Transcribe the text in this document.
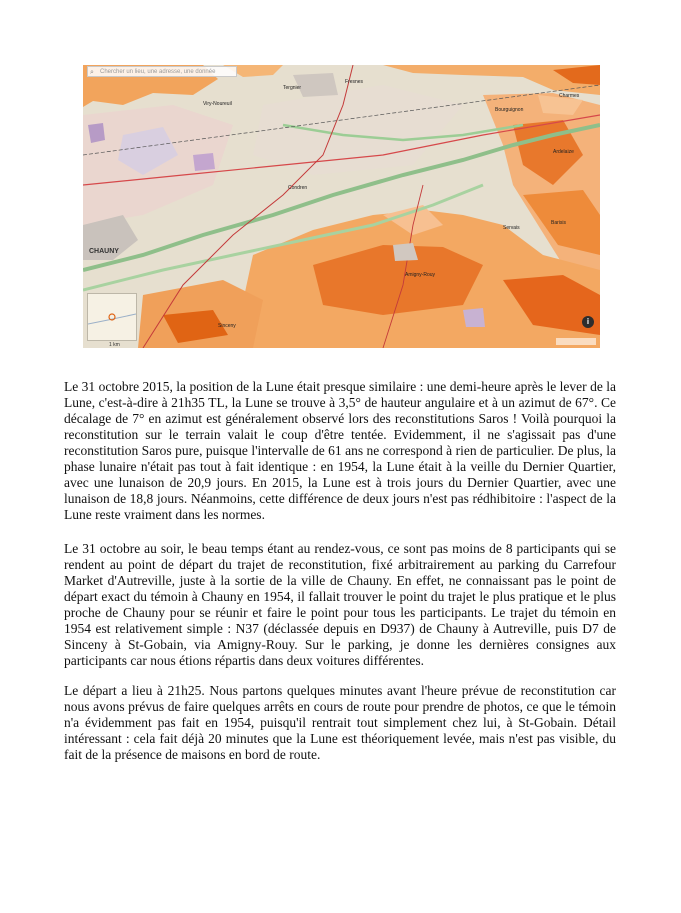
⌕ Chercher un lieu, une adresse, une donnée
CHAUNY
Viry-Noureuil
Condren
Amigny-Rouy
Sinceny
Servais
Barisis
Bourguignon
Ardelaize
Charmes
Fresnes
Tergnier
1 km
i

Le 31 octobre 2015, la position de la Lune était presque similaire : une demi-heure après le lever de la Lune, c'est-à-dire à 21h35 TL, la Lune se trouve à 3,5° de hauteur angulaire et à un azimut de 67°. Ce décalage de 7° en azimut est généralement observé lors des reconstitutions Saros ! Voilà pourquoi la reconstitution sur le terrain valait le coup d'être tentée. Evidemment, il ne s'agissait pas d'une reconstitution Saros pure, puisque l'intervalle de 61 ans ne correspond à rien de particulier. De plus, la phase lunaire n'était pas tout à fait identique : en 1954, la Lune était à la veille du Dernier Quartier, avec une lunaison de 20,9 jours. En 2015, la Lune est à trois jours du Dernier Quartier, avec une lunaison de 18,8 jours. Néanmoins, cette différence de deux jours n'est pas rédhibitoire : l'aspect de la Lune reste vraiment dans les normes.

Le 31 octobre au soir, le beau temps étant au rendez-vous, ce sont pas moins de 8 participants qui se rendent au point de départ du trajet de reconstitution, fixé arbitrairement au parking du Carrefour Market d'Autreville, juste à la sortie de la ville de Chauny. En effet, ne connaissant pas le point de départ exact du témoin à Chauny en 1954, il fallait trouver le point du trajet le plus pratique et le plus proche de Chauny pour se réunir et faire le point pour tous les participants. Le trajet du témoin en 1954 est relativement simple : N37 (déclassée depuis en D937) de Chauny à Autreville, puis D7 de Sinceny à St-Gobain, via Amigny-Rouy. Sur le parking, je donne les dernières consignes aux participants car nous étions répartis dans deux voitures différentes.

Le départ a lieu à 21h25. Nous partons quelques minutes avant l'heure prévue de reconstitution car nous avons prévus de faire quelques arrêts en cours de route pour prendre de photos, ce que le témoin n'a évidemment pas fait en 1954, puisqu'il rentrait tout simplement chez lui, à St-Gobain. Détail intéressant : cela fait déjà 20 minutes que la Lune est théoriquement levée, mais n'est pas visible, du fait de la présence de maisons en bord de route.
